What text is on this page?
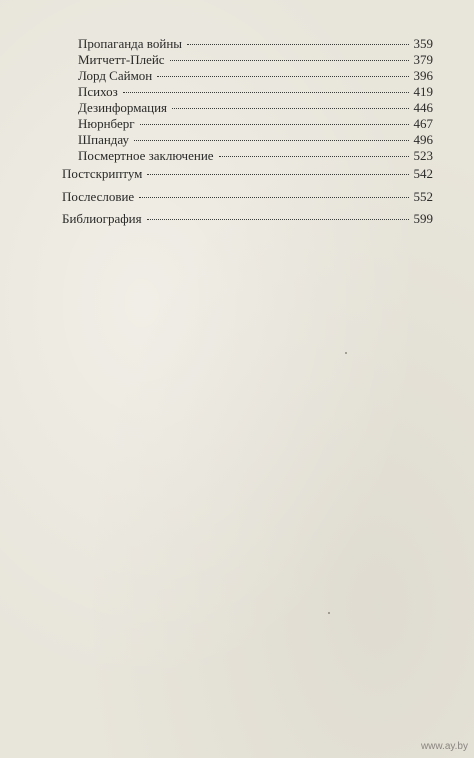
Пропаганда войны	359
Митчетт-Плейс	379
Лорд Саймон	396
Психоз	419
Дезинформация	446
Нюрнберг	467
Шпандау	496
Посмертное заключение	523
Постскриптум	542
Послесловие	552
Библиография	599
www.ay.by
